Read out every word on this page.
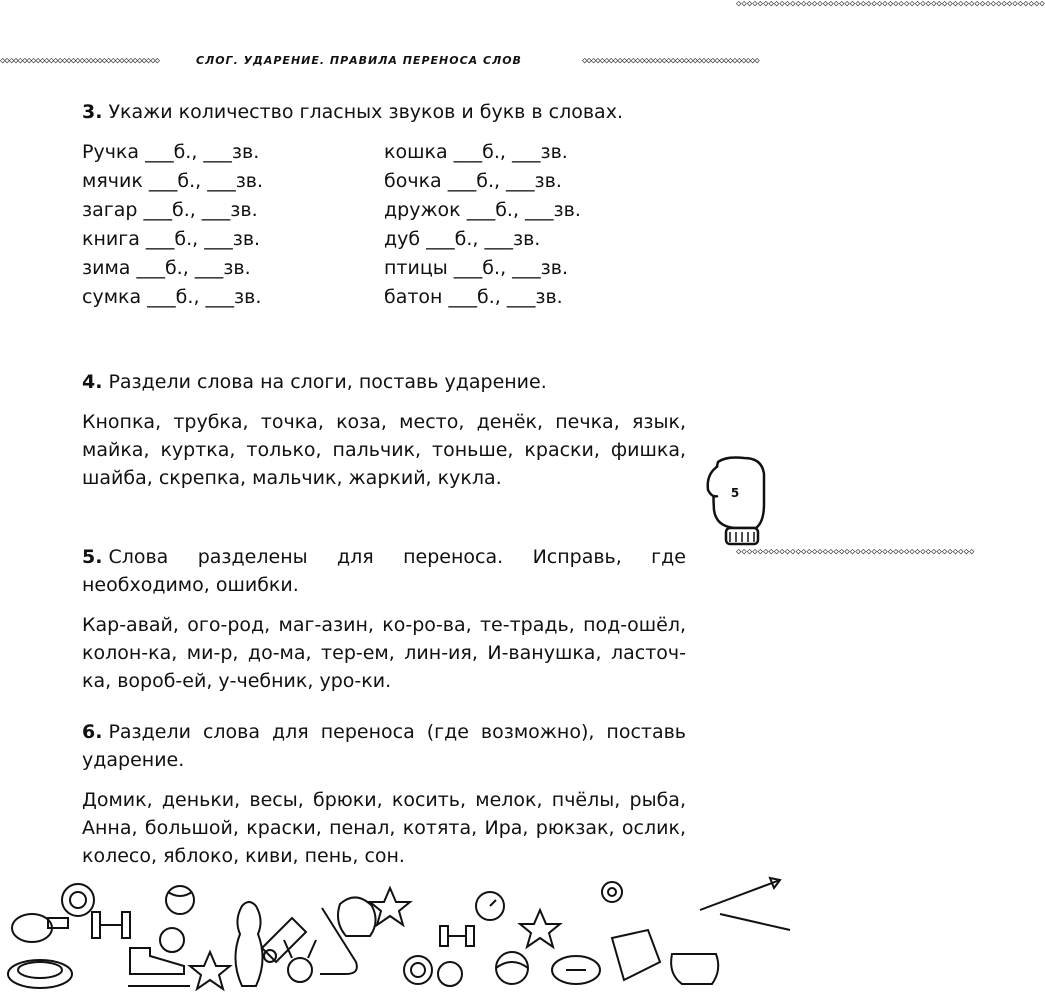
◇◇◇◇◇◇◇◇◇◇◇◇◇◇◇◇◇◇◇◇◇◇◇◇◇◇◇◇◇◇◇◇◇◇◇◇	СЛОГ. УДАРЕНИЕ. ПРАВИЛА ПЕРЕНОСА СЛОВ	◇◇◇◇◇◇◇◇◇◇◇◇◇◇◇◇◇◇◇◇◇◇◇◇◇◇◇◇◇◇◇◇◇◇◇◇◇◇◇◇
◇◇◇◇◇◇◇◇◇◇◇◇◇◇◇◇◇◇◇◇◇◇◇◇◇◇◇◇◇◇◇◇◇◇◇◇◇◇◇◇◇◇◇◇◇◇◇◇◇◇◇◇◇◇◇◇◇
◇◇◇◇◇◇◇◇◇◇◇◇◇◇◇◇◇◇◇◇◇◇◇◇◇◇◇◇◇◇◇◇◇◇◇◇◇◇◇◇◇◇◇◇
5

3. Укажи количество гласных звуков и букв в словах.

Ручка ___б., ___зв.
мячик ___б., ___зв.
загар ___б., ___зв.
книга ___б., ___зв.
зима ___б., ___зв.
сумка ___б., ___зв.
кошка ___б., ___зв.
бочка ___б., ___зв.
дружок ___б., ___зв.
дуб ___б., ___зв.
птицы ___б., ___зв.
батон ___б., ___зв.

4. Раздели слова на слоги, поставь ударение.

Кнопка, трубка, точка, коза, место, денёк, печка, язык, майка, куртка, только, пальчик, тоньше, краски, фишка, шайба, скрепка, мальчик, жаркий, кукла.

5. Слова разделены для переноса. Исправь, где необходимо, ошибки.

Кар-авай, ого-род, маг-азин, ко-ро-ва, те-традь, под-ошёл, колон-ка, ми-р, до-ма, тер-ем, лин-ия, И-ванушка, ласточ-ка, вороб-ей, у-чебник, уро-ки.

6. Раздели слова для переноса (где возможно), поставь ударение.

Домик, деньки, весы, брюки, косить, мелок, пчёлы, рыба, Анна, большой, краски, пенал, котята, Ира, рюкзак, ослик, колесо, яблоко, киви, пень, сон.
